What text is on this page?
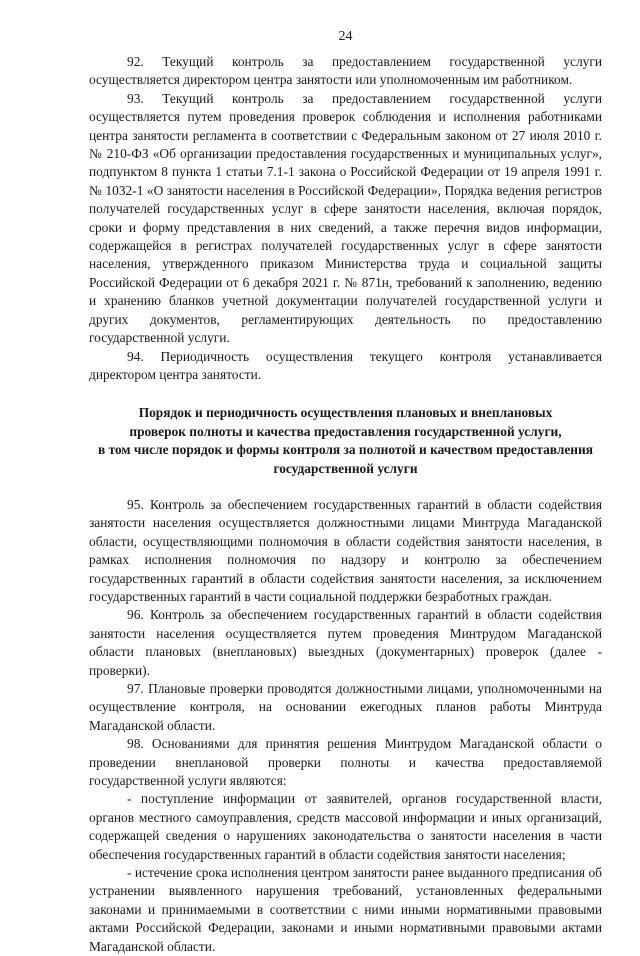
24

92. Текущий контроль за предоставлением государственной услуги осуществляется директором центра занятости или уполномоченным им работником.

93. Текущий контроль за предоставлением государственной услуги осуществляется путем проведения проверок соблюдения и исполнения работниками центра занятости регламента в соответствии с Федеральным законом от 27 июля 2010 г. № 210-ФЗ «Об организации предоставления государственных и муниципальных услуг», подпунктом 8 пункта 1 статьи 7.1-1 закона о Российской Федерации от 19 апреля 1991 г. № 1032-1 «О занятости населения в Российской Федерации», Порядка ведения регистров получателей государственных услуг в сфере занятости населения, включая порядок, сроки и форму представления в них сведений, а также перечня видов информации, содержащейся в регистрах получателей государственных услуг в сфере занятости населения, утвержденного приказом Министерства труда и социальной защиты Российской Федерации от 6 декабря 2021 г. № 871н, требований к заполнению, ведению и хранению бланков учетной документации получателей государственной услуги и других документов, регламентирующих деятельность по предоставлению государственной услуги.

94. Периодичность осуществления текущего контроля устанавливается директором центра занятости.

Порядок и периодичность осуществления плановых и внеплановых
проверок полноты и качества предоставления государственной услуги,
в том числе порядок и формы контроля за полнотой и качеством предоставления
государственной услуги

95. Контроль за обеспечением государственных гарантий в области содействия занятости населения осуществляется должностными лицами Минтруда Магаданской области, осуществляющими полномочия в области содействия занятости населения, в рамках исполнения полномочия по надзору и контролю за обеспечением государственных гарантий в области содействия занятости населения, за исключением государственных гарантий в части социальной поддержки безработных граждан.

96. Контроль за обеспечением государственных гарантий в области содействия занятости населения осуществляется путем проведения Минтрудом Магаданской области плановых (внеплановых) выездных (документарных) проверок (далее - проверки).

97. Плановые проверки проводятся должностными лицами, уполномоченными на осуществление контроля, на основании ежегодных планов работы Минтруда Магаданской области.

98. Основаниями для принятия решения Минтрудом Магаданской области о проведении внеплановой проверки полноты и качества предоставляемой государственной услуги являются:

- поступление информации от заявителей, органов государственной власти, органов местного самоуправления, средств массовой информации и иных организаций, содержащей сведения о нарушениях законодательства о занятости населения в части обеспечения государственных гарантий в области содействия занятости населения;

- истечение срока исполнения центром занятости ранее выданного предписания об устранении выявленного нарушения требований, установленных федеральными законами и принимаемыми в соответствии с ними иными нормативными правовыми актами Российской Федерации, законами и иными нормативными правовыми актами Магаданской области.
